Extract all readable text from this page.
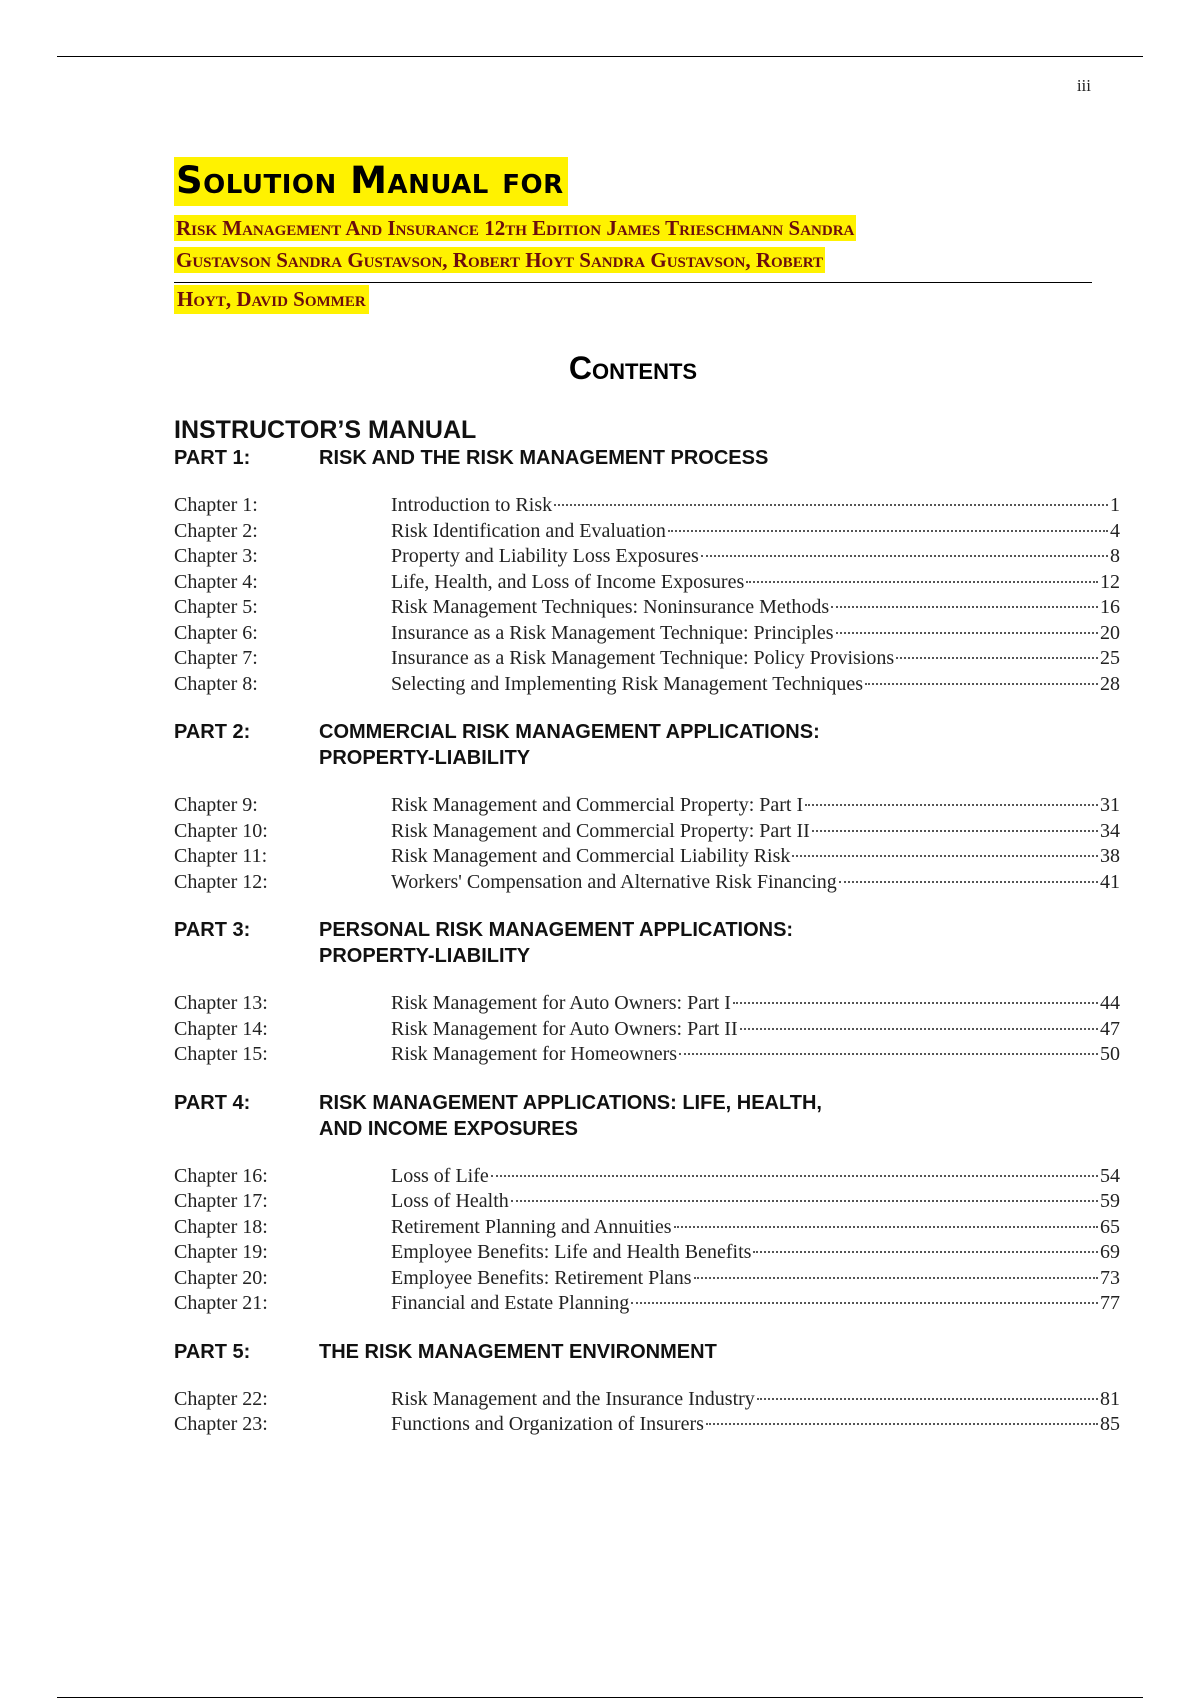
iii
Solution Manual for
Risk Management And Insurance 12th Edition James Trieschmann Sandra
Gustavson Sandra Gustavson, Robert Hoyt Sandra Gustavson, Robert
Hoyt, David Sommer
Contents
INSTRUCTOR’S MANUAL
PART 1:	RISK AND THE RISK MANAGEMENT PROCESS
Chapter 1:	Introduction to Risk	1
Chapter 2:	Risk Identification and Evaluation	4
Chapter 3:	Property and Liability Loss Exposures	8
Chapter 4:	Life, Health, and Loss of Income Exposures	12
Chapter 5:	Risk Management Techniques: Noninsurance Methods	16
Chapter 6:	Insurance as a Risk Management Technique: Principles	20
Chapter 7:	Insurance as a Risk Management Technique: Policy Provisions	25
Chapter 8:	Selecting and Implementing Risk Management Techniques	28
PART 2:	COMMERCIAL RISK MANAGEMENT APPLICATIONS:
PROPERTY-LIABILITY
Chapter 9:	Risk Management and Commercial Property: Part I	31
Chapter 10:	Risk Management and Commercial Property: Part II	34
Chapter 11:	Risk Management and Commercial Liability Risk	38
Chapter 12:	Workers' Compensation and Alternative Risk Financing	41
PART 3:	PERSONAL RISK MANAGEMENT APPLICATIONS:
PROPERTY-LIABILITY
Chapter 13:	Risk Management for Auto Owners: Part I	44
Chapter 14:	Risk Management for Auto Owners: Part II	47
Chapter 15:	Risk Management for Homeowners	50
PART 4:	RISK MANAGEMENT APPLICATIONS: LIFE, HEALTH,
AND INCOME EXPOSURES
Chapter 16:	Loss of Life	54
Chapter 17:	Loss of Health	59
Chapter 18:	Retirement Planning and Annuities	65
Chapter 19:	Employee Benefits: Life and Health Benefits	69
Chapter 20:	Employee Benefits: Retirement Plans	73
Chapter 21:	Financial and Estate Planning	77
PART 5:	THE RISK MANAGEMENT ENVIRONMENT
Chapter 22:	Risk Management and the Insurance Industry	81
Chapter 23:	Functions and Organization of Insurers	85
